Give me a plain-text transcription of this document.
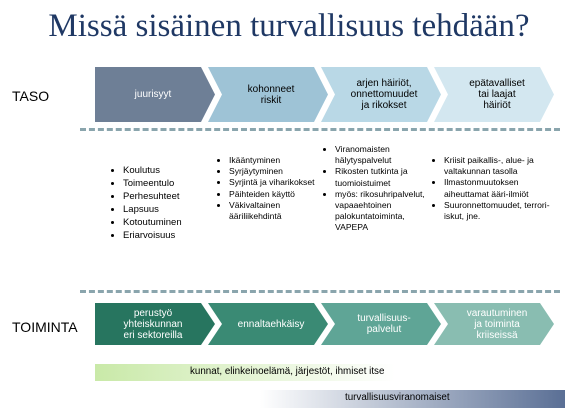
Missä sisäinen turvallisuus tehdään?
TASO
TOIMINTA
juurisyyt	kohonneet
riskit
arjen häiriöt,
onnettomuudet
ja rikokset
epätavalliset
tai laajat
häiriöt
perustyö
yhteiskunnan
eri sektoreilla
ennaltaehkäisy	turvallisuus-
palvelut
varautuminen
ja toiminta
kriiseissä
• Koulutus
• Toimeentulo
• Perhesuhteet
• Lapsuus
• Kotoutuminen
• Eriarvoisuus
• Ikääntyminen
• Syrjäytyminen
• Syrjintä ja viharikokset
• Päihteiden käyttö
• Väkivaltainen ääriliikehdintä
• Viranomaisten hälytyspalvelut
• Rikosten tutkinta ja tuomioistuimet
• myös: rikosuhripalvelut, vapaaehtoinen palokuntatoiminta, VAPEPA
• Kriisit paikallis-, alue- ja valtakunnan tasolla
• Ilmastonmuutoksen aiheuttamat ääri-ilmiöt
• Suuronnettomuudet, terrori-iskut, jne.
kunnat, elinkeinoelämä, järjestöt, ihmiset itse
turvallisuusviranomaiset
